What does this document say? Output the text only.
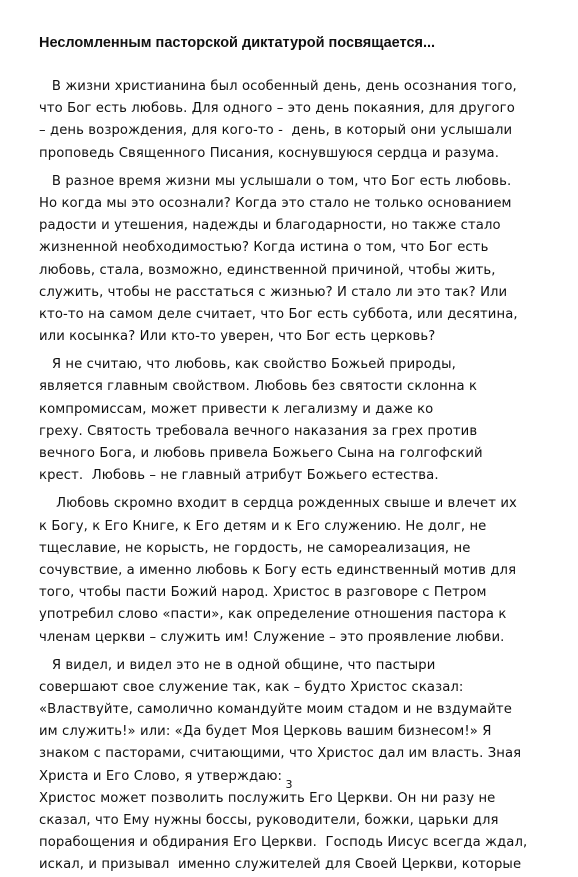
Несломленным пасторской диктатурой посвящается...
В жизни христианина был особенный день, день осознания того,
что Бог есть любовь. Для одного – это день покаяния, для другого
– день возрождения, для кого-то -  день, в который они услышали
проповедь Священного Писания, коснувшуюся сердца и разума.
В разное время жизни мы услышали о том, что Бог есть любовь.
Но когда мы это осознали? Когда это стало не только основанием
радости и утешения, надежды и благодарности, но также стало
жизненной необходимостью? Когда истина о том, что Бог есть
любовь, стала, возможно, единственной причиной, чтобы жить,
служить, чтобы не расстаться с жизнью? И стало ли это так? Или
кто-то на самом деле считает, что Бог есть суббота, или десятина,
или косынка? Или кто-то уверен, что Бог есть церковь?
Я не считаю, что любовь, как свойство Божьей природы,
является главным свойством. Любовь без святости склонна к
компромиссам, может привести к легализму и даже ко
греху. Святость требовала вечного наказания за грех против
вечного Бога, и любовь привела Божьего Сына на голгофский
крест.  Любовь – не главный атрибут Божьего естества.
Любовь скромно входит в сердца рожденных свыше и влечет их
к Богу, к Его Книге, к Его детям и к Его служению. Не долг, не
тщеславие, не корысть, не гордость, не самореализация, не
сочувствие, а именно любовь к Богу есть единственный мотив для
того, чтобы пасти Божий народ. Христос в разговоре с Петром
употребил слово «пасти», как определение отношения пастора к
членам церкви – служить им! Служение – это проявление любви.
Я видел, и видел это не в одной общине, что пастыри
совершают свое служение так, как – будто Христос сказал:
«Властвуйте, самолично командуйте моим стадом и не вздумайте
им служить!» или: «Да будет Моя Церковь вашим бизнесом!» Я
знаком с пасторами, считающими, что Христос дал им власть. Зная
Христа и Его Слово, я утверждаю:
Христос может позволить послужить Его Церкви. Он ни разу не
сказал, что Ему нужны боссы, руководители, божки, царьки для
порабощения и обдирания Его Церкви.  Господь Иисус всегда ждал,
искал, и призывал  именно служителей для Своей Церкви, которые
3
